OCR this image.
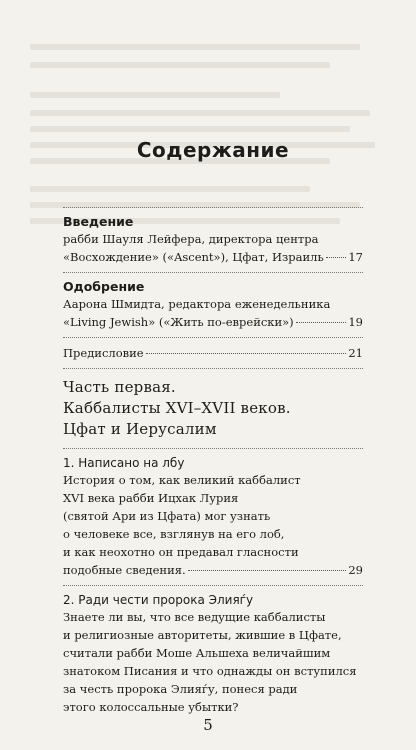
Содержание
Введение
рабби Шауля Лейфера, директора центра
«Восхождение» («Ascent»), Цфат, Израиль 17
Одобрение
Аарона Шмидта, редактора еженедельника
«Living Jewish» («Жить по-еврейски»)	19
Предисловие	21
Часть первая.
Каббалисты XVI–XVII веков.
Цфат и Иерусалим
1. Написано на лбу
История о том, как великий каббалист
XVI века рабби Ицхак Лурия
(святой Ари из Цфата) мог узнать
о человеке все, взглянув на его лоб,
и как неохотно он предавал гласности
подобные сведения.	29
2. Ради чести пророка Элияѓу
Знаете ли вы, что все ведущие каббалисты
и религиозные авторитеты, жившие в Цфате,
считали рабби Моше Альшеха величайшим
знатоком Писания и что однажды он вступился
за честь пророка Элияѓу, понеся ради
этого колоссальные убытки?
5
